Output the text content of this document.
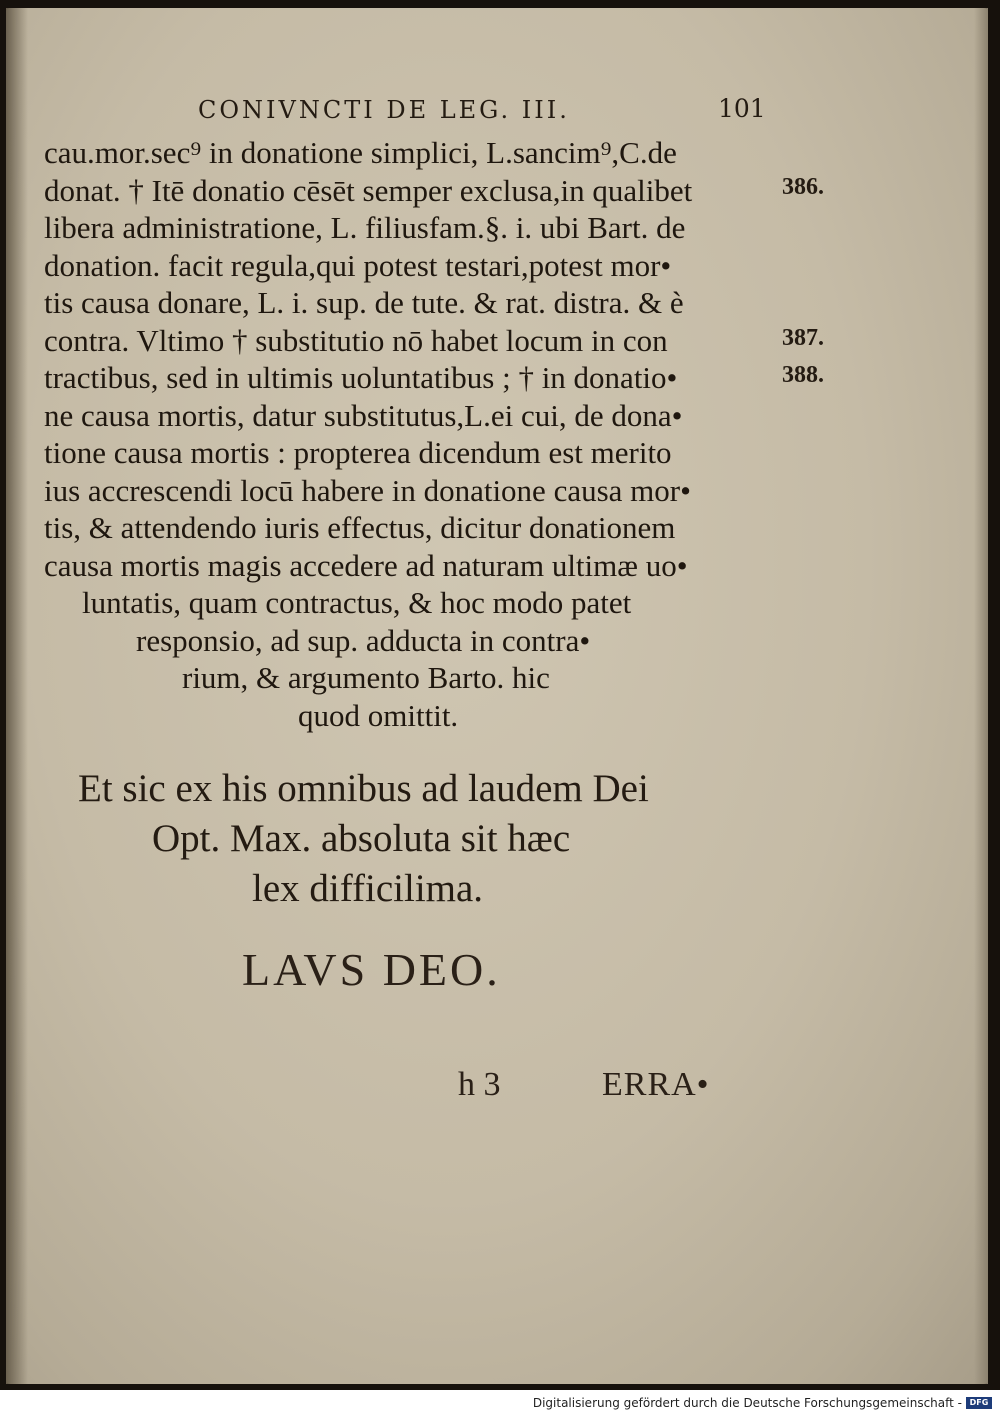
CONIVNCTI DE LEG. III.	101
cau.mor.sec⁹ in donatione simplici, L.sancim⁹,C.de
donat. † Itē donatio cēsēt semper exclusa,in qualibet
libera administratione, L. filiusfam.§. i. ubi Bart. de
donation. facit regula,qui potest testari,potest mor•
tis causa donare, L. i. sup. de tute. & rat. distra. & è
contra. Vltimo † substitutio nō habet locum in con
tractibus, sed in ultimis uoluntatibus ; † in donatio•
ne causa mortis, datur substitutus,L.ei cui, de dona•
tione causa mortis : propterea dicendum est merito
ius accrescendi locū habere in donatione causa mor•
tis, & attendendo iuris effectus, dicitur donationem
causa mortis magis accedere ad naturam ultimæ uo•
luntatis, quam contractus, & hoc modo patet
responsio, ad sup. adducta in contra•
rium, & argumento Barto. hic
quod omittit.
386.
387.
388.
Et sic ex his omnibus ad laudem Dei
Opt. Max. absoluta sit hæc
lex difficilima.
LAVS DEO.
h 3	ERRA•
Digitalisierung gefördert durch die Deutsche Forschungsgemeinschaft - DFG
